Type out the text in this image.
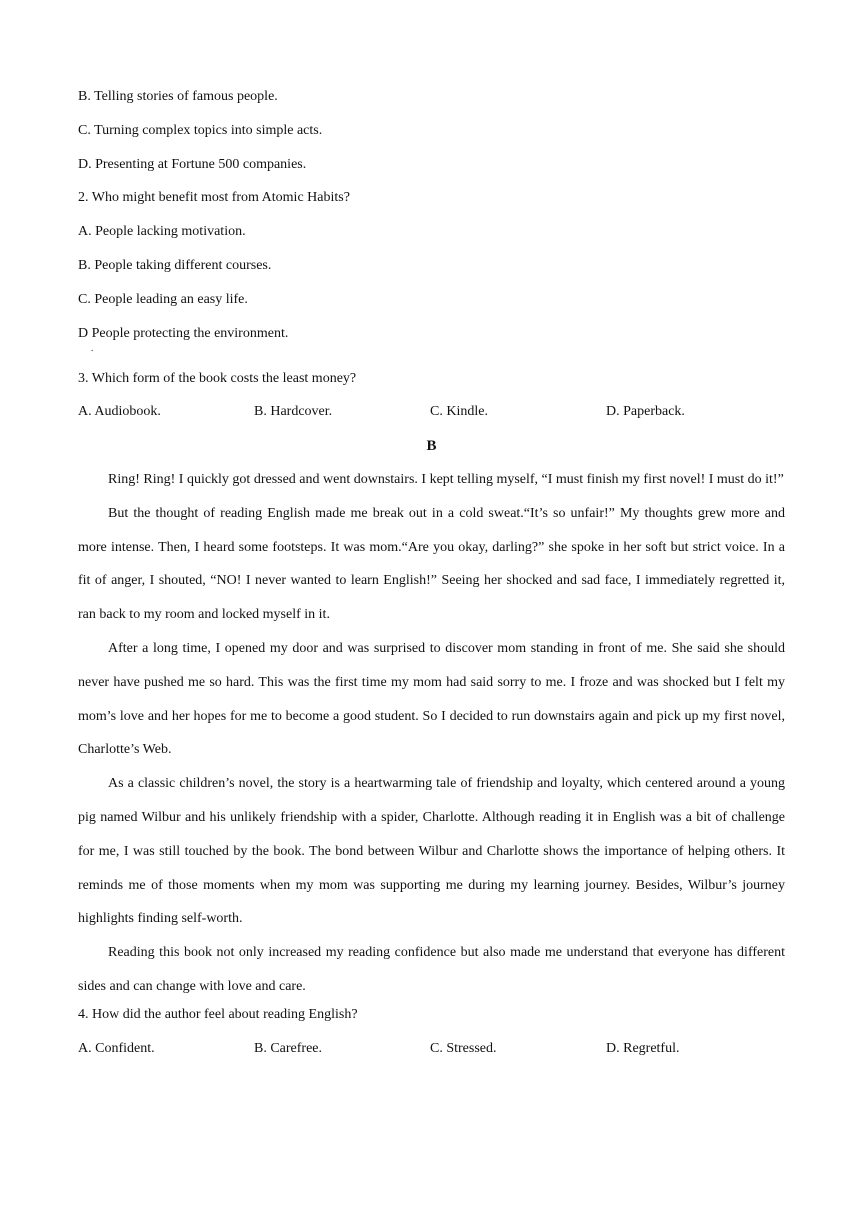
B. Telling stories of famous people.
C. Turning complex topics into simple acts.
D. Presenting at Fortune 500 companies.
2. Who might benefit most from Atomic Habits?
A. People lacking motivation.
B. People taking different courses.
C. People leading an easy life.
D People protecting the environment.
3. Which form of the book costs the least money?
A. Audiobook.	B. Hardcover.	C. Kindle.	D. Paperback.
B

Ring! Ring! I quickly got dressed and went downstairs. I kept telling myself, “I must finish my first novel! I must do it!”

But the thought of reading English made me break out in a cold sweat.“It’s so unfair!” My thoughts grew more and more intense. Then, I heard some footsteps. It was mom.“Are you okay, darling?” she spoke in her soft but strict voice. In a fit of anger, I shouted, “NO! I never wanted to learn English!” Seeing her shocked and sad face, I immediately regretted it, ran back to my room and locked myself in it.

After a long time, I opened my door and was surprised to discover mom standing in front of me. She said she should never have pushed me so hard. This was the first time my mom had said sorry to me. I froze and was shocked but I felt my mom’s love and her hopes for me to become a good student. So I decided to run downstairs again and pick up my first novel, Charlotte’s Web.

As a classic children’s novel, the story is a heartwarming tale of friendship and loyalty, which centered around a young pig named Wilbur and his unlikely friendship with a spider, Charlotte. Although reading it in English was a bit of challenge for me, I was still touched by the book. The bond between Wilbur and Charlotte shows the importance of helping others. It reminds me of those moments when my mom was supporting me during my learning journey. Besides, Wilbur’s journey highlights finding self-worth.

Reading this book not only increased my reading confidence but also made me understand that everyone has different sides and can change with love and care.

4. How did the author feel about reading English?
A. Confident.	B. Carefree.	C. Stressed.	D. Regretful.
.
